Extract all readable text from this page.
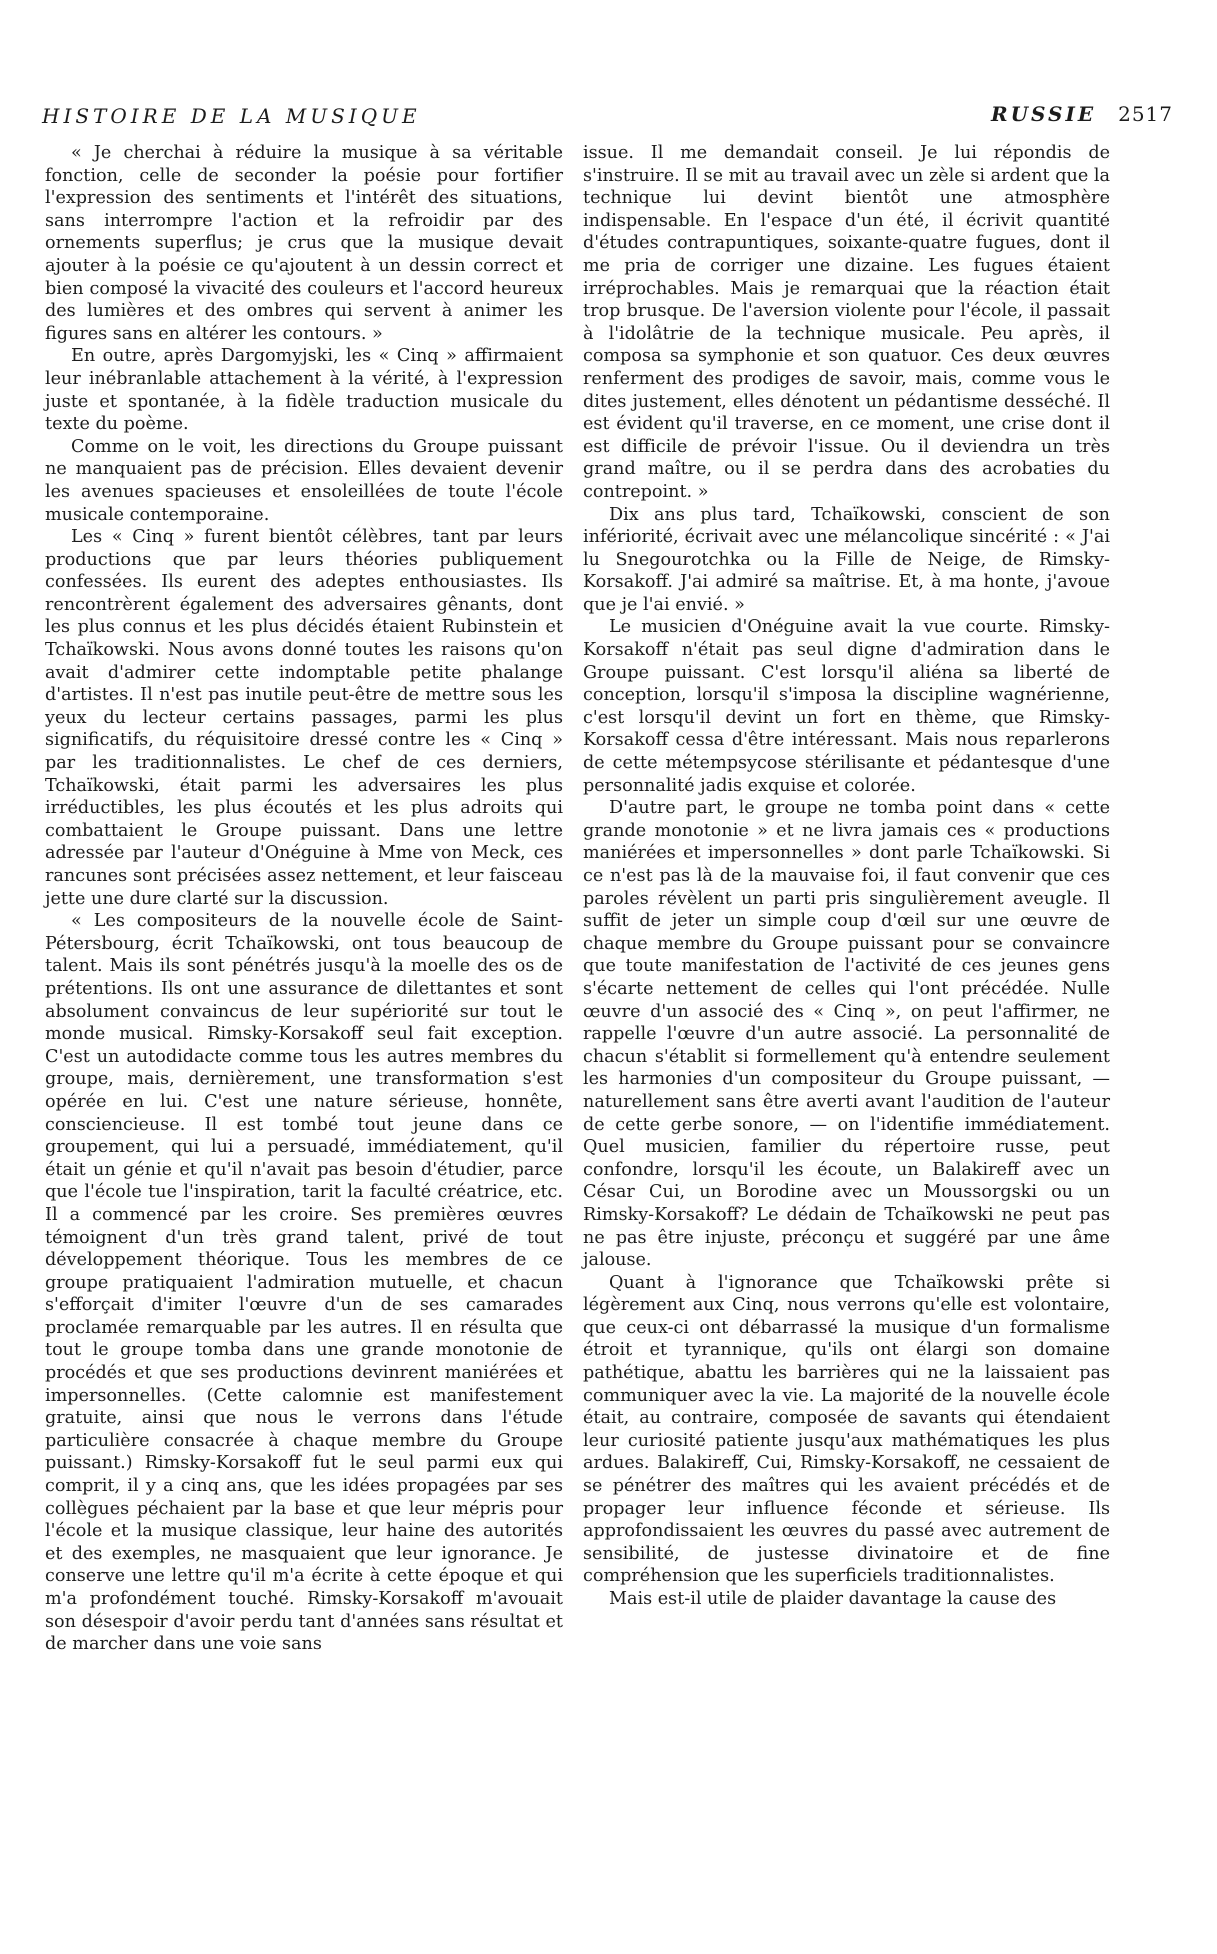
HISTOIRE DE LA MUSIQUE	RUSSIE 2517

« Je cherchai à réduire la musique à sa véritable fonction, celle de seconder la poésie pour fortifier l'expression des sentiments et l'intérêt des situations, sans interrompre l'action et la refroidir par des ornements superflus; je crus que la musique devait ajouter à la poésie ce qu'ajoutent à un dessin correct et bien composé la vivacité des couleurs et l'accord heureux des lumières et des ombres qui servent à animer les figures sans en altérer les contours. »

En outre, après Dargomyjski, les « Cinq » affirmaient leur inébranlable attachement à la vérité, à l'expression juste et spontanée, à la fidèle traduction musicale du texte du poème.

Comme on le voit, les directions du Groupe puissant ne manquaient pas de précision. Elles devaient devenir les avenues spacieuses et ensoleillées de toute l'école musicale contemporaine.

Les « Cinq » furent bientôt célèbres, tant par leurs productions que par leurs théories publiquement confessées. Ils eurent des adeptes enthousiastes. Ils rencontrèrent également des adversaires gênants, dont les plus connus et les plus décidés étaient Rubinstein et Tchaïkowski. Nous avons donné toutes les raisons qu'on avait d'admirer cette indomptable petite phalange d'artistes. Il n'est pas inutile peut-être de mettre sous les yeux du lecteur certains passages, parmi les plus significatifs, du réquisitoire dressé contre les « Cinq » par les traditionnalistes. Le chef de ces derniers, Tchaïkowski, était parmi les adversaires les plus irréductibles, les plus écoutés et les plus adroits qui combattaient le Groupe puissant. Dans une lettre adressée par l'auteur d'Onéguine à Mme von Meck, ces rancunes sont précisées assez nettement, et leur faisceau jette une dure clarté sur la discussion.

« Les compositeurs de la nouvelle école de Saint-Pétersbourg, écrit Tchaïkowski, ont tous beaucoup de talent. Mais ils sont pénétrés jusqu'à la moelle des os de prétentions. Ils ont une assurance de dilettantes et sont absolument convaincus de leur supériorité sur tout le monde musical. Rimsky-Korsakoff seul fait exception. C'est un autodidacte comme tous les autres membres du groupe, mais, dernièrement, une transformation s'est opérée en lui. C'est une nature sérieuse, honnête, consciencieuse. Il est tombé tout jeune dans ce groupement, qui lui a persuadé, immédiatement, qu'il était un génie et qu'il n'avait pas besoin d'étudier, parce que l'école tue l'inspiration, tarit la faculté créatrice, etc. Il a commencé par les croire. Ses premières œuvres témoignent d'un très grand talent, privé de tout développement théorique. Tous les membres de ce groupe pratiquaient l'admiration mutuelle, et chacun s'efforçait d'imiter l'œuvre d'un de ses camarades proclamée remarquable par les autres. Il en résulta que tout le groupe tomba dans une grande monotonie de procédés et que ses productions devinrent maniérées et impersonnelles. (Cette calomnie est manifestement gratuite, ainsi que nous le verrons dans l'étude particulière consacrée à chaque membre du Groupe puissant.) Rimsky-Korsakoff fut le seul parmi eux qui comprit, il y a cinq ans, que les idées propagées par ses collègues péchaient par la base et que leur mépris pour l'école et la musique classique, leur haine des autorités et des exemples, ne masquaient que leur ignorance. Je conserve une lettre qu'il m'a écrite à cette époque et qui m'a profondément touché. Rimsky-Korsakoff m'avouait son désespoir d'avoir perdu tant d'années sans résultat et de marcher dans une voie sans

issue. Il me demandait conseil. Je lui répondis de s'instruire. Il se mit au travail avec un zèle si ardent que la technique lui devint bientôt une atmosphère indispensable. En l'espace d'un été, il écrivit quantité d'études contrapuntiques, soixante-quatre fugues, dont il me pria de corriger une dizaine. Les fugues étaient irréprochables. Mais je remarquai que la réaction était trop brusque. De l'aversion violente pour l'école, il passait à l'idolâtrie de la technique musicale. Peu après, il composa sa symphonie et son quatuor. Ces deux œuvres renferment des prodiges de savoir, mais, comme vous le dites justement, elles dénotent un pédantisme desséché. Il est évident qu'il traverse, en ce moment, une crise dont il est difficile de prévoir l'issue. Ou il deviendra un très grand maître, ou il se perdra dans des acrobaties du contrepoint. »

Dix ans plus tard, Tchaïkowski, conscient de son infériorité, écrivait avec une mélancolique sincérité : « J'ai lu Snegourotchka ou la Fille de Neige, de Rimsky-Korsakoff. J'ai admiré sa maîtrise. Et, à ma honte, j'avoue que je l'ai envié. »

Le musicien d'Onéguine avait la vue courte. Rimsky-Korsakoff n'était pas seul digne d'admiration dans le Groupe puissant. C'est lorsqu'il aliéna sa liberté de conception, lorsqu'il s'imposa la discipline wagnérienne, c'est lorsqu'il devint un fort en thème, que Rimsky-Korsakoff cessa d'être intéressant. Mais nous reparlerons de cette métempsycose stérilisante et pédantesque d'une personnalité jadis exquise et colorée.

D'autre part, le groupe ne tomba point dans « cette grande monotonie » et ne livra jamais ces « productions maniérées et impersonnelles » dont parle Tchaïkowski. Si ce n'est pas là de la mauvaise foi, il faut convenir que ces paroles révèlent un parti pris singulièrement aveugle. Il suffit de jeter un simple coup d'œil sur une œuvre de chaque membre du Groupe puissant pour se convaincre que toute manifestation de l'activité de ces jeunes gens s'écarte nettement de celles qui l'ont précédée. Nulle œuvre d'un associé des « Cinq », on peut l'affirmer, ne rappelle l'œuvre d'un autre associé. La personnalité de chacun s'établit si formellement qu'à entendre seulement les harmonies d'un compositeur du Groupe puissant, — naturellement sans être averti avant l'audition de l'auteur de cette gerbe sonore, — on l'identifie immédiatement. Quel musicien, familier du répertoire russe, peut confondre, lorsqu'il les écoute, un Balakireff avec un César Cui, un Borodine avec un Moussorgski ou un Rimsky-Korsakoff? Le dédain de Tchaïkowski ne peut pas ne pas être injuste, préconçu et suggéré par une âme jalouse.

Quant à l'ignorance que Tchaïkowski prête si légèrement aux Cinq, nous verrons qu'elle est volontaire, que ceux-ci ont débarrassé la musique d'un formalisme étroit et tyrannique, qu'ils ont élargi son domaine pathétique, abattu les barrières qui ne la laissaient pas communiquer avec la vie. La majorité de la nouvelle école était, au contraire, composée de savants qui étendaient leur curiosité patiente jusqu'aux mathématiques les plus ardues. Balakireff, Cui, Rimsky-Korsakoff, ne cessaient de se pénétrer des maîtres qui les avaient précédés et de propager leur influence féconde et sérieuse. Ils approfondissaient les œuvres du passé avec autrement de sensibilité, de justesse divinatoire et de fine compréhension que les superficiels traditionnalistes.

Mais est-il utile de plaider davantage la cause des
